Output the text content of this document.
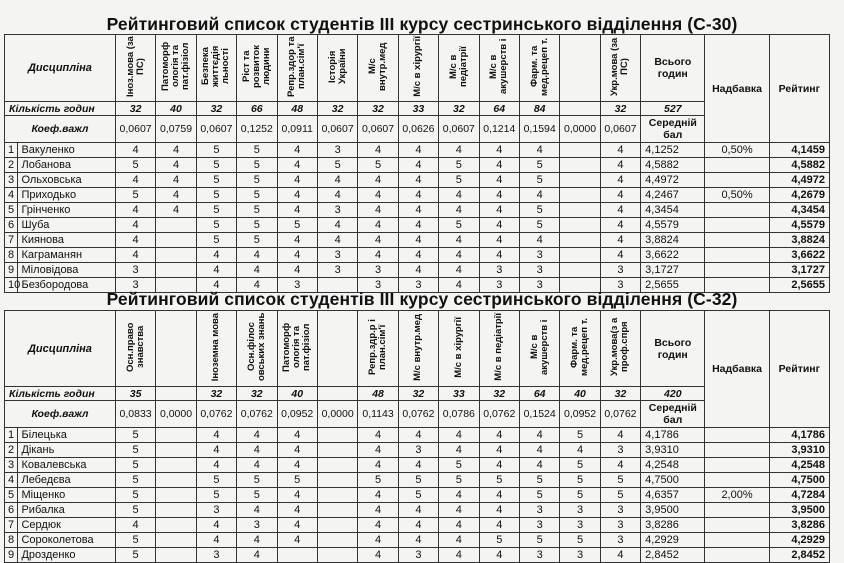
Рейтинговий список студентів ІІІ курсу сестринського відділення (С-30)
Дисципліна		Іноз.мова (за ПС)	Патоморф ологія та пат.фізіол	Безпека життєдія льності	Ріст та розвиток людини	Репр.здор та план.сім'ї	Історія України	М/с внутр.мед	М/с в хірургії	М/с в педіатрії	М/с в акушерств і	Фарм. та мед.рецеп т.		Укр.мова (за ПС)	Всього годин	Надбавка	Рейтинг
Кількість годин		32	40	32	66	48	32	32	33	32	64	84		32	527		
Коеф.важл		0,0607	0,0759	0,0607	0,1252	0,0911	0,0607	0,0607	0,0626	0,0607	0,1214	0,1594	0,0000	0,0607	Середній бал		
1	Вакуленко	4	4	5	5	4	3	4	4	4	4	4		4	4,1252	0,50%	4,1459
2	Лобанова	5	4	5	5	4	5	5	4	5	4	5		4	4,5882		4,5882
3	Ольховська	4	4	5	5	4	4	4	4	5	4	5		4	4,4972		4,4972
4	Приходько	5	4	5	5	4	4	4	4	4	4	4		4	4,2467	0,50%	4,2679
5	Грінченко	4	4	5	5	4	3	4	4	4	4	5		4	4,3454		4,3454
6	Шуба	4		5	5	5	4	4	4	5	4	5		4	4,5579		4,5579
7	Киянова	4		5	5	4	4	4	4	4	4	4		4	3,8824		3,8824
8	Каграманян	4		4	4	4	3	4	4	4	4	3		4	3,6622		3,6622
9	Міловідова	3		4	4	4	3	3	4	4	3	3		3	3,1727		3,1727
10	Безбородова	3		4	4	3		3	3	4	3	3		3	2,5655		2,5655
Рейтинговий список студентів ІІІ курсу сестринського відділення (С-32)
Дисципліна		Осн.право знавства		Іноземна мова	Осн.філос овських знань	Патоморф ологія та пат.фізіол		Репр.здр.р і план.сім'ї	М/с внутр.мед	М/с в хірургії	М/с в педіатрії	М/с в акушерств і	Фарм. та мед.рецеп т.	Укр.мова(з а проф.спря	Всього годин	Надбавка	Рейтинг
Кількість годин		35		32	32	40		48	32	33	32	64	40	32	420		
Коеф.важл		0,0833	0,0000	0,0762	0,0762	0,0952	0,0000	0,1143	0,0762	0,0786	0,0762	0,1524	0,0952	0,0762	Середній бал		
1	Білецька	5		4	4	4		4	4	4	4	4	5	4	4,1786		4,1786
2	Дікань	5		4	4	4		4	3	4	4	4	4	3	3,9310		3,9310
3	Ковалевська	5		4	4	4		4	4	5	4	4	5	4	4,2548		4,2548
4	Лебедєва	5		5	5	5		5	5	5	5	5	5	5	4,7500		4,7500
5	Міщенко	5		5	5	4		4	5	4	4	5	5	5	4,6357	2,00%	4,7284
6	Рибалка	5		3	4	4		4	4	4	4	3	3	3	3,9500		3,9500
7	Сердюк	4		4	3	4		4	4	4	4	3	3	3	3,8286		3,8286
8	Сороколетова	5		4	4	4		4	4	4	5	5	5	3	4,2929		4,2929
9	Дрозденко	5		3	4			4	3	4	4	3	3	4	2,8452		2,8452
